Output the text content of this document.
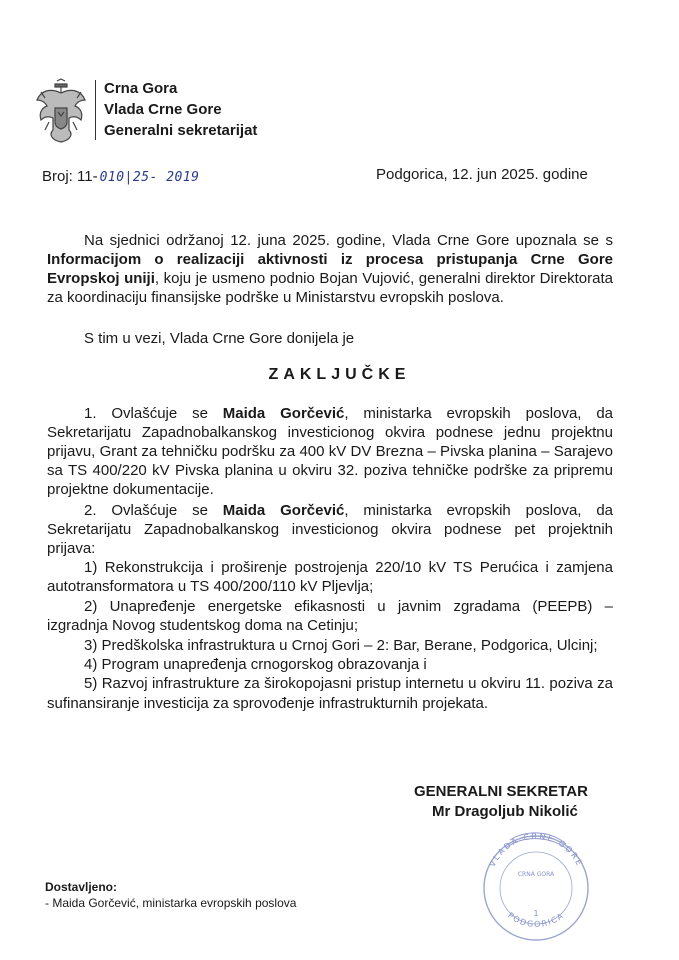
Crna Gora
Vlada Crne Gore
Generalni sekretarijat
Broj: 11- 010|25- 2019	Podgorica, 12. jun 2025. godine
Na sjednici održanoj 12. juna 2025. godine, Vlada Crne Gore upoznala se s Informacijom o realizaciji aktivnosti iz procesa pristupanja Crne Gore Evropskoj uniji, koju je usmeno podnio Bojan Vujović, generalni direktor Direktorata za koordinaciju finansijske podrške u Ministarstvu evropskih poslova.
S tim u vezi, Vlada Crne Gore donijela je
ZAKLJUČKE
1. Ovlašćuje se Maida Gorčević, ministarka evropskih poslova, da Sekretarijatu Zapadnobalkanskog investicionog okvira podnese jednu projektnu prijavu, Grant za tehničku podršku za 400 kV DV Brezna – Pivska planina – Sarajevo sa TS 400/220 kV Pivska planina u okviru 32. poziva tehničke podrške za pripremu projektne dokumentacije.
2. Ovlašćuje se Maida Gorčević, ministarka evropskih poslova, da Sekretarijatu Zapadnobalkanskog investicionog okvira podnese pet projektnih prijava:
1) Rekonstrukcija i proširenje postrojenja 220/10 kV TS Perućica i zamjena autotransformatora u TS 400/200/110 kV Pljevlja;
2) Unapređenje energetske efikasnosti u javnim zgradama (PEEPB) – izgradnja Novog studentskog doma na Cetinju;
3) Predškolska infrastruktura u Crnoj Gori – 2: Bar, Berane, Podgorica, Ulcinj;
4) Program unapređenja crnogorskog obrazovanja i
5) Razvoj infrastrukture za širokopojasni pristup internetu u okviru 11. poziva za sufinansiranje investicija za sprovođenje infrastrukturnih projekata.
GENERALNI SEKRETAR
Mr Dragoljub Nikolić
VLADA CRNE GORE
CRNA GORA
1
PODGORICA
Dostavljeno:
- Maida Gorčević, ministarka evropskih poslova
